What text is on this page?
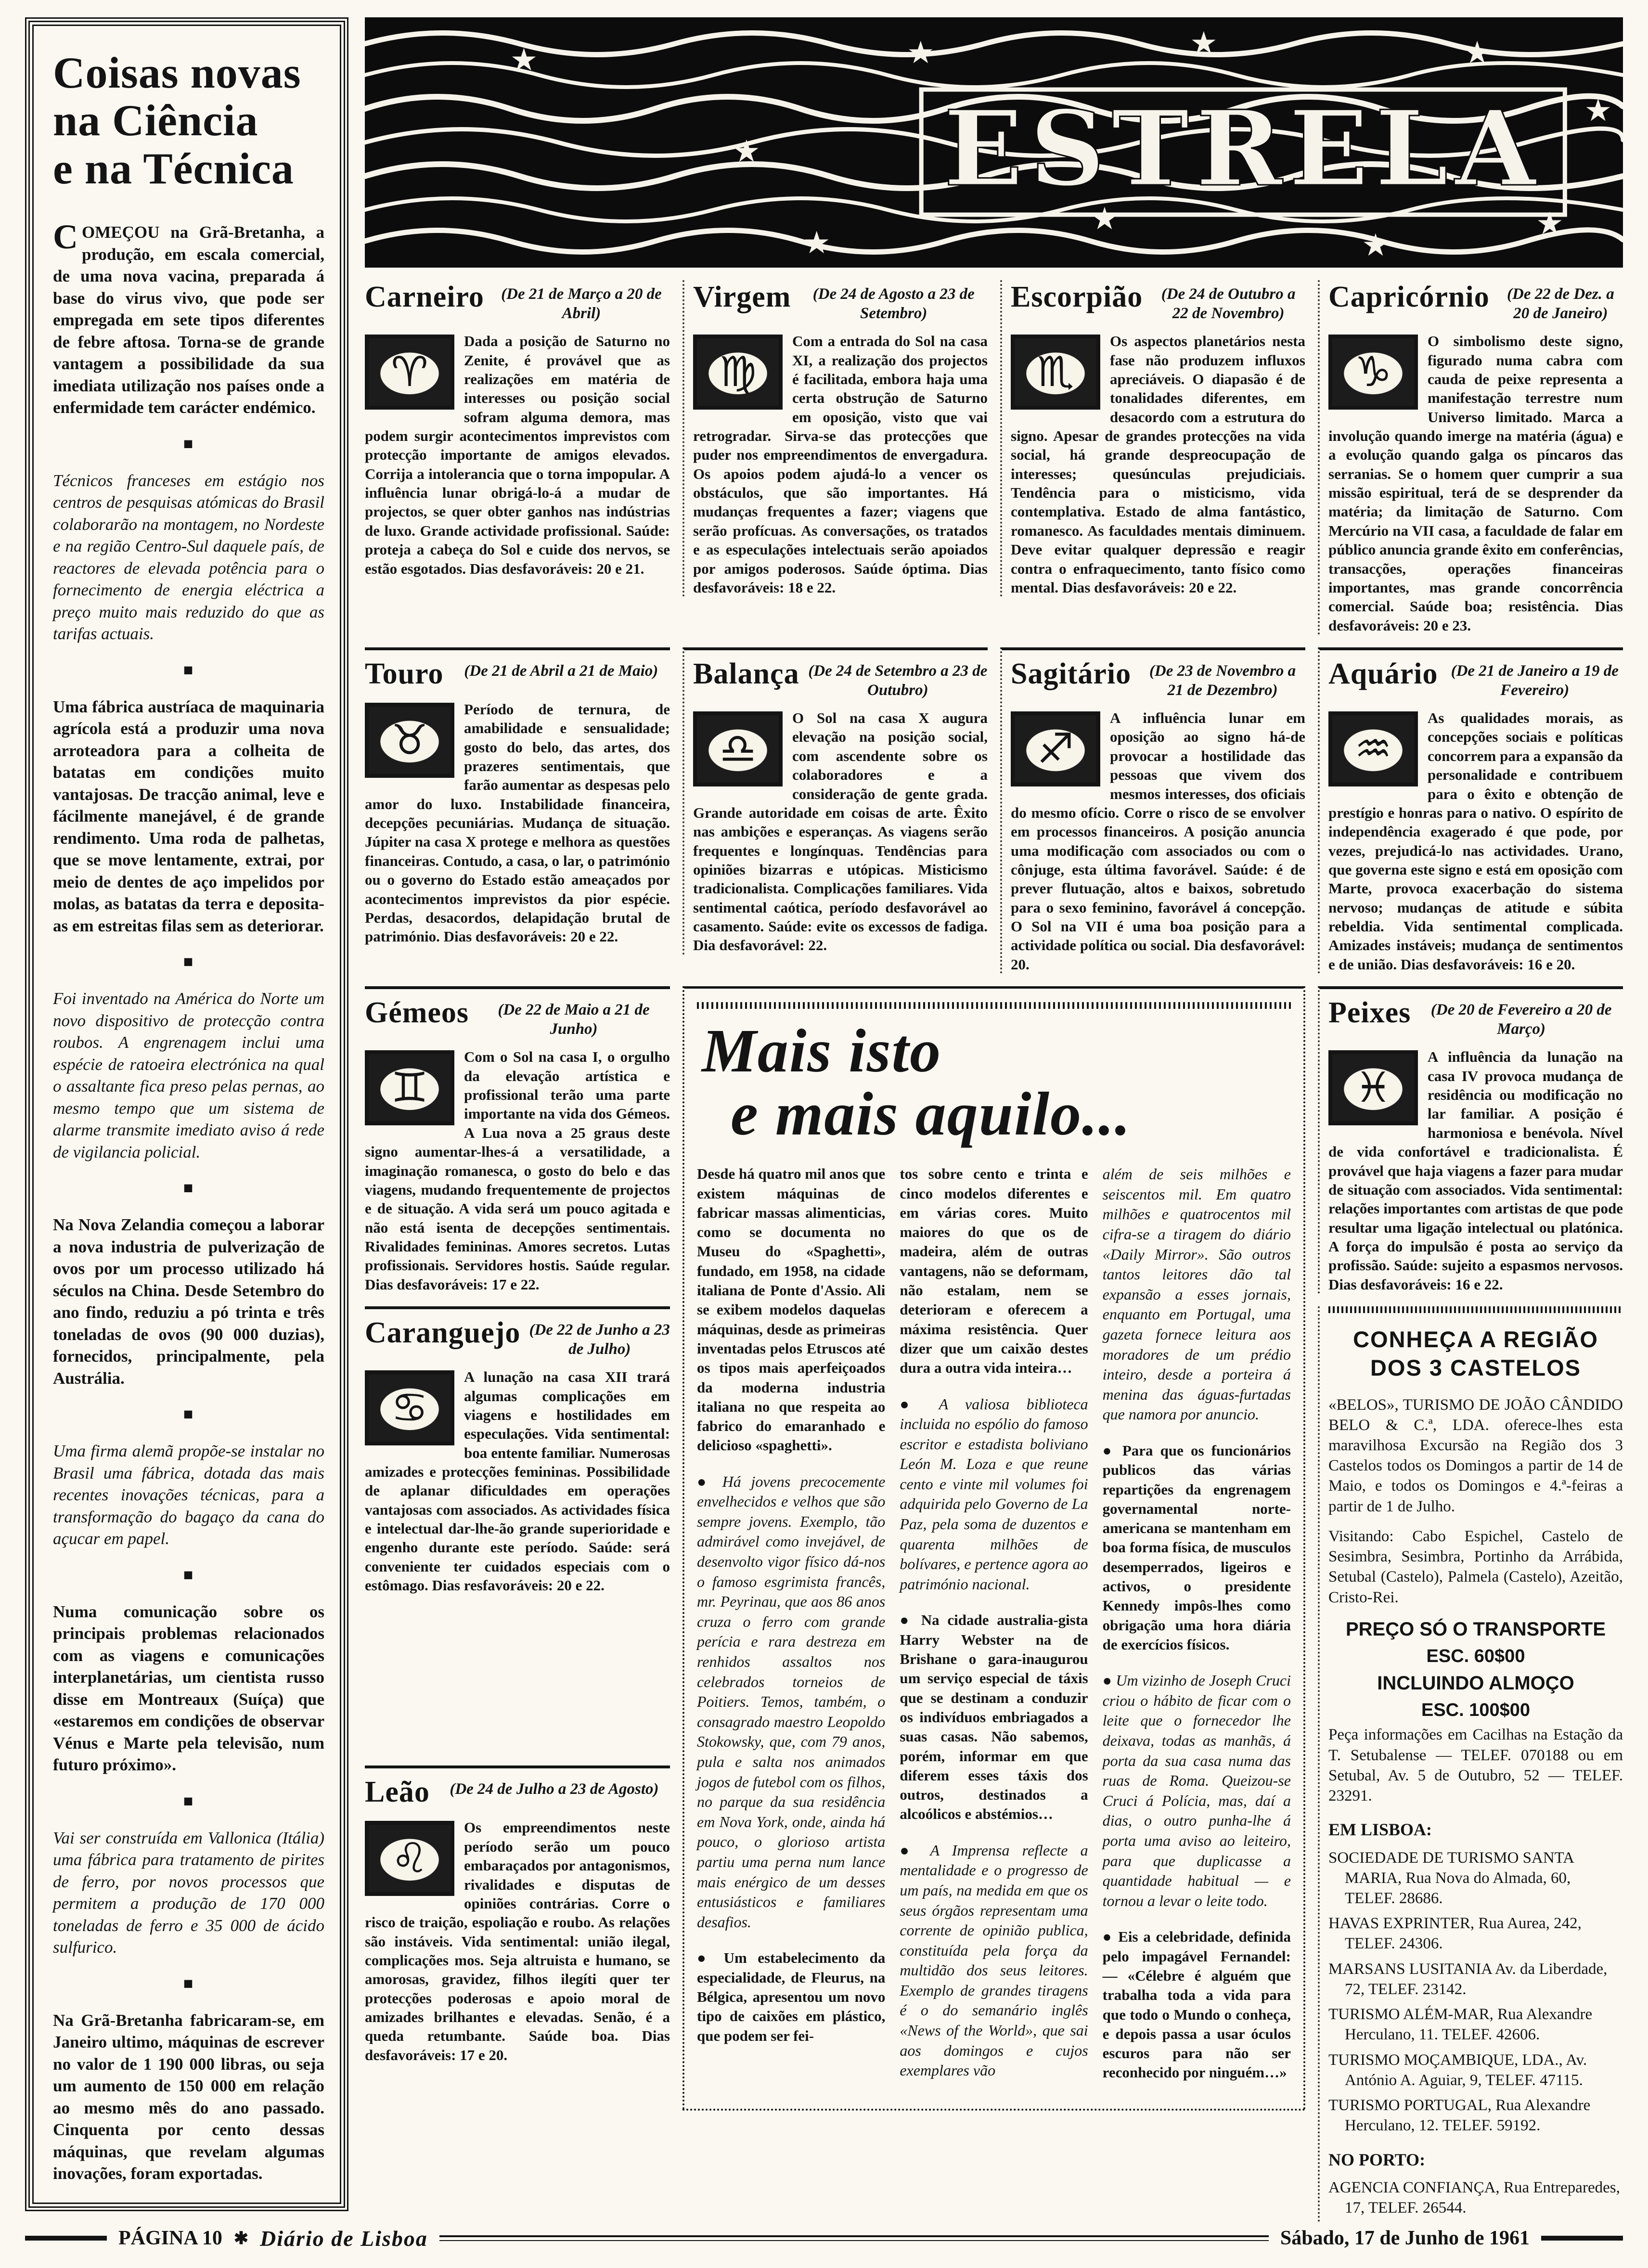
Coisas novas
na Ciência
e na Técnica

COMEÇOU na Grã-Bretanha, a produção, em escala comercial, de uma nova vacina, preparada á base do virus vivo, que pode ser empregada em sete tipos diferentes de febre aftosa. Torna-se de grande vantagem a possibilidade da sua imediata utilização nos países onde a enfermidade tem carácter endémico.

■

Técnicos franceses em estágio nos centros de pesquisas atómicas do Brasil colaborarão na montagem, no Nordeste e na região Centro-Sul daquele país, de reactores de elevada potência para o fornecimento de energia eléctrica a preço muito mais reduzido do que as tarifas actuais.

■

Uma fábrica austríaca de maquinaria agrícola está a produzir uma nova arroteadora para a colheita de batatas em condições muito vantajosas. De tracção animal, leve e fácilmente manejável, é de grande rendimento. Uma roda de palhetas, que se move lentamente, extrai, por meio de dentes de aço impelidos por molas, as batatas da terra e deposita-as em estreitas filas sem as deteriorar.

■

Foi inventado na América do Norte um novo dispositivo de protecção contra roubos. A engrenagem inclui uma espécie de ratoeira electrónica na qual o assaltante fica preso pelas pernas, ao mesmo tempo que um sistema de alarme transmite imediato aviso á rede de vigilancia policial.

■

Na Nova Zelandia começou a laborar a nova industria de pulverização de ovos por um processo utilizado há séculos na China. Desde Setembro do ano findo, reduziu a pó trinta e três toneladas de ovos (90 000 duzias), fornecidos, principalmente, pela Austrália.

■

Uma firma alemã propõe-se instalar no Brasil uma fábrica, dotada das mais recentes inovações técnicas, para a transformação do bagaço da cana do açucar em papel.

■

Numa comunicação sobre os principais problemas relacionados com as viagens e comunicações interplanetárias, um cientista russo disse em Montreaux (Suíça) que «estaremos em condições de observar Vénus e Marte pela televisão, num futuro próximo».

■

Vai ser construída em Vallonica (Itália) uma fábrica para tratamento de pirites de ferro, por novos processos que permitem a produção de 170 000 toneladas de ferro e 35 000 de ácido sulfurico.

■

Na Grã-Bretanha fabricaram-se, em Janeiro ultimo, máquinas de escrever no valor de 1 190 000 libras, ou seja um aumento de 150 000 em relação ao mesmo mês do ano passado. Cinquenta por cento dessas máquinas, que revelam algumas inovações, foram exportadas.

★
★
★	★	★
★
★
★
★
★
ESTRELA
Carneiro	(De 21 de Março a 20 de Abril)
♈

Dada a posição de Saturno no Zenite, é provável que as realizações em matéria de interesses ou posição social sofram alguma demora, mas podem surgir acontecimentos imprevistos com protecção importante de amigos elevados. Corrija a intolerancia que o torna impopular. A influência lunar obrigá-lo-á a mudar de projectos, se quer obter ganhos nas indústrias de luxo. Grande actividade profissional. Saúde: proteja a cabeça do Sol e cuide dos nervos, se estão esgotados. Dias desfavoráveis: 20 e 21.

Virgem	(De 24 de Agosto a 23 de Setembro)
♍

Com a entrada do Sol na casa XI, a realização dos projectos é facilitada, embora haja uma certa obstrução de Saturno em oposição, visto que vai retrogradar. Sirva-se das protecções que puder nos empreendimentos de envergadura. Os apoios podem ajudá-lo a vencer os obstáculos, que são importantes. Há mudanças frequentes a fazer; viagens que serão profícuas. As conversações, os tratados e as especulações intelectuais serão apoiados por amigos poderosos. Saúde óptima. Dias desfavoráveis: 18 e 22.

Escorpião	(De 24 de Outubro a 22 de Novembro)
♏

Os aspectos planetários nesta fase não produzem influxos apreciáveis. O diapasão é de tonalidades diferentes, em desacordo com a estrutura do signo. Apesar de grandes protecções na vida social, há grande despreocupação de interesses; quesúnculas prejudiciais. Tendência para o misticismo, vida contemplativa. Estado de alma fantástico, romanesco. As faculdades mentais diminuem. Deve evitar qualquer depressão e reagir contra o enfraquecimento, tanto físico como mental. Dias desfavoráveis: 20 e 22.

Capricórnio	(De 22 de Dez. a 20 de Janeiro)
♑

O simbolismo deste signo, figurado numa cabra com cauda de peixe representa a manifestação terrestre num Universo limitado. Marca a involução quando imerge na matéria (água) e a evolução quando galga os píncaros das serranias. Se o homem quer cumprir a sua missão espiritual, terá de se desprender da matéria; da limitação de Saturno. Com Mercúrio na VII casa, a faculdade de falar em público anuncia grande êxito em conferências, transacções, operações financeiras importantes, mas grande concorrência comercial. Saúde boa; resistência. Dias desfavoráveis: 20 e 23.

Touro	(De 21 de Abril a 21 de Maio)
♉

Período de ternura, de amabilidade e sensualidade; gosto do belo, das artes, dos prazeres sentimentais, que farão aumentar as despesas pelo amor do luxo. Instabilidade financeira, decepções pecuniárias. Mudança de situação. Júpiter na casa X protege e melhora as questões financeiras. Contudo, a casa, o lar, o património ou o governo do Estado estão ameaçados por acontecimentos imprevistos da pior espécie. Perdas, desacordos, delapidação brutal de património. Dias desfavoráveis: 20 e 22.

Balança (De 24 de Setembro a 23 de Outubro)
♎

O Sol na casa X augura elevação na posição social, com ascendente sobre os colaboradores e a consideração de gente grada. Grande autoridade em coisas de arte. Êxito nas ambições e esperanças. As viagens serão frequentes e longínquas. Tendências para opiniões bizarras e utópicas. Misticismo tradicionalista. Complicações familiares. Vida sentimental caótica, período desfavorável ao casamento. Saúde: evite os excessos de fadiga. Dia desfavorável: 22.

Sagitário	(De 23 de Novembro a 21 de Dezembro)
♐

A influência lunar em oposição ao signo há-de provocar a hostilidade das pessoas que vivem dos mesmos interesses, dos oficiais do mesmo ofício. Corre o risco de se envolver em processos financeiros. A posição anuncia uma modificação com associados ou com o cônjuge, esta última favorável. Saúde: é de prever flutuação, altos e baixos, sobretudo para o sexo feminino, favorável á concepção. O Sol na VII é uma boa posição para a actividade política ou social. Dia desfavorável: 20.

Aquário (De 21 de Janeiro a 19 de Fevereiro)
♒

As qualidades morais, as concepções sociais e políticas concorrem para a expansão da personalidade e contribuem para o êxito e obtenção de prestígio e honras para o nativo. O espírito de independência exagerado é que pode, por vezes, prejudicá-lo nas actividades. Urano, que governa este signo e está em oposição com Marte, provoca exacerbação do sistema nervoso; mudanças de atitude e súbita rebeldia. Vida sentimental complicada. Amizades instáveis; mudança de sentimentos e de união. Dias desfavoráveis: 16 e 20.

Gémeos	(De 22 de Maio a 21 de Junho)
♊

Com o Sol na casa I, o orgulho da elevação artística e profissional terão uma parte importante na vida dos Gémeos. A Lua nova a 25 graus deste signo aumentar-lhes-á a versatilidade, a imaginação romanesca, o gosto do belo e das viagens, mudando frequentemente de projectos e de situação. A vida será um pouco agitada e não está isenta de decepções sentimentais. Rivalidades femininas. Amores secretos. Lutas profissionais. Servidores hostis. Saúde regular. Dias desfavoráveis: 17 e 22.

Mais isto
e mais aquilo...

Desde há quatro mil anos que existem máquinas de fabricar massas alimenticias, como se documenta no Museu do «Spaghetti», fundado, em 1958, na cidade italiana de Ponte d'Assio. Ali se exibem modelos daquelas máquinas, desde as primeiras inventadas pelos Etruscos até os tipos mais aperfeiçoados da moderna industria italiana no que respeita ao fabrico do emaranhado e delicioso «spaghetti».

● Há jovens precocemente envelhecidos e velhos que são sempre jovens. Exemplo, tão admirável como invejável, de desenvolto vigor físico dá-nos o famoso esgrimista francês, mr. Peyrinau, que aos 86 anos cruza o ferro com grande perícia e rara destreza em renhidos assaltos nos celebrados torneios de Poitiers. Temos, também, o consagrado maestro Leopoldo Stokowsky, que, com 79 anos, pula e salta nos animados jogos de futebol com os filhos, no parque da sua residência em Nova York, onde, ainda há pouco, o glorioso artista partiu uma perna num lance mais enérgico de um desses entusiásticos e familiares desafios.

● Um estabelecimento da especialidade, de Fleurus, na Bélgica, apresentou um novo tipo de caixões em plástico, que podem ser fei-

tos sobre cento e trinta e cinco modelos diferentes e em várias cores. Muito maiores do que os de madeira, além de outras vantagens, não se deformam, não estalam, nem se deterioram e oferecem a máxima resistência. Quer dizer que um caixão destes dura a outra vida inteira…

● A valiosa biblioteca incluida no espólio do famoso escritor e estadista boliviano León M. Loza e que reune cento e vinte mil volumes foi adquirida pelo Governo de La Paz, pela soma de duzentos e quarenta milhões de bolívares, e pertence agora ao património nacional.

● Na cidade australia-gista Harry Webster na de Brishane o gara-inaugurou um serviço especial de táxis que se destinam a conduzir os indivíduos embriagados a suas casas. Não sabemos, porém, informar em que diferem esses táxis dos outros, destinados a alcoólicos e abstémios…

● A Imprensa reflecte a mentalidade e o progresso de um país, na medida em que os seus órgãos representam uma corrente de opinião publica, constituída pela força da multidão dos seus leitores. Exemplo de grandes tiragens é o do semanário inglês «News of the World», que sai aos domingos e cujos exemplares vão

além de seis milhões e seiscentos mil. Em quatro milhões e quatrocentos mil cifra-se a tiragem do diário «Daily Mirror». São outros tantos leitores dão tal expansão a esses jornais, enquanto em Portugal, uma gazeta fornece leitura aos moradores de um prédio inteiro, desde a porteira á menina das águas-furtadas que namora por anuncio.

● Para que os funcionários publicos das várias repartições da engrenagem governamental norte-americana se mantenham em boa forma física, de musculos desemperrados, ligeiros e activos, o presidente Kennedy impôs-lhes como obrigação uma hora diária de exercícios físicos.

● Um vizinho de Joseph Cruci criou o hábito de ficar com o leite que o fornecedor lhe deixava, todas as manhãs, á porta da sua casa numa das ruas de Roma. Queizou-se Cruci á Polícia, mas, daí a dias, o outro punha-lhe á porta uma aviso ao leiteiro, para que duplicasse a quantidade habitual — e tornou a levar o leite todo.

● Eis a celebridade, definida pelo impagável Fernandel: — «Célebre é alguém que trabalha toda a vida para que todo o Mundo o conheça, e depois passa a usar óculos escuros para não ser reconhecido por ninguém…»

Peixes	(De 20 de Fevereiro a 20 de Março)
♓

A influência da lunação na casa IV provoca mudança de residência ou modificação no lar familiar. A posição é harmoniosa e benévola. Nível de vida confortável e tradicionalista. É provável que haja viagens a fazer para mudar de situação com associados. Vida sentimental: relações importantes com artistas de que pode resultar uma ligação intelectual ou platónica. A força do impulsão é posta ao serviço da profissão. Saúde: sujeito a espasmos nervosos. Dias desfavoráveis: 16 e 22.

Caranguejo (De 22 de Junho a 23 de Julho)
♋

A lunação na casa XII trará algumas complicações em viagens e hostilidades em especulações. Vida sentimental: boa entente familiar. Numerosas amizades e protecções femininas. Possibilidade de aplanar dificuldades em operações vantajosas com associados. As actividades física e intelectual dar-lhe-ão grande superioridade e engenho durante este período. Saúde: será conveniente ter cuidados especiais com o estômago. Dias resfavoráveis: 20 e 22.

CONHEÇA A REGIÃO
DOS 3 CASTELOS

«BELOS», TURISMO DE JOÃO CÂNDIDO BELO & C.ª, LDA. oferece-lhes esta maravilhosa Excursão na Região dos 3 Castelos todos os Domingos a partir de 14 de Maio, e todos os Domingos e 4.ª-feiras a partir de 1 de Julho.

Visitando: Cabo Espichel, Castelo de Sesimbra, Sesimbra, Portinho da Arrábida, Setubal (Castelo), Palmela (Castelo), Azeitão, Cristo-Rei.

PREÇO SÓ O TRANSPORTE

ESC. 60$00

INCLUINDO ALMOÇO

ESC. 100$00

Peça informações em Cacilhas na Estação da T. Setubalense — TELEF. 070188 ou em Setubal, Av. 5 de Outubro, 52 — TELEF. 23291.

EM LISBOA:

SOCIEDADE DE TURISMO SANTA MARIA, Rua Nova do Almada, 60, TELEF. 28686.

HAVAS EXPRINTER, Rua Aurea, 242, TELEF. 24306.

MARSANS LUSITANIA Av. da Liberdade, 72, TELEF. 23142.

TURISMO ALÉM-MAR, Rua Alexandre Herculano, 11. TELEF. 42606.

TURISMO MOÇAMBIQUE, LDA., Av. António A. Aguiar, 9, TELEF. 47115.

TURISMO PORTUGAL, Rua Alexandre Herculano, 12. TELEF. 59192.

NO PORTO:

AGENCIA CONFIANÇA, Rua Entreparedes, 17, TELEF. 26544.

Leão	(De 24 de Julho a 23 de Agosto)
♌

Os empreendimentos neste período serão um pouco embaraçados por antagonismos, rivalidades e disputas de opiniões contrárias. Corre o risco de traição, espoliação e roubo. As relações são instáveis. Vida sentimental: união ilegal, complicações mos. Seja altruista e humano, se amorosas, gravidez, filhos ilegíti quer ter protecções poderosas e apoio moral de amizades brilhantes e elevadas. Senão, é a queda retumbante. Saúde boa. Dias desfavoráveis: 17 e 20.

PÁGINA 10 ✱ Diário de Lisboa	Sábado, 17 de Junho de 1961
